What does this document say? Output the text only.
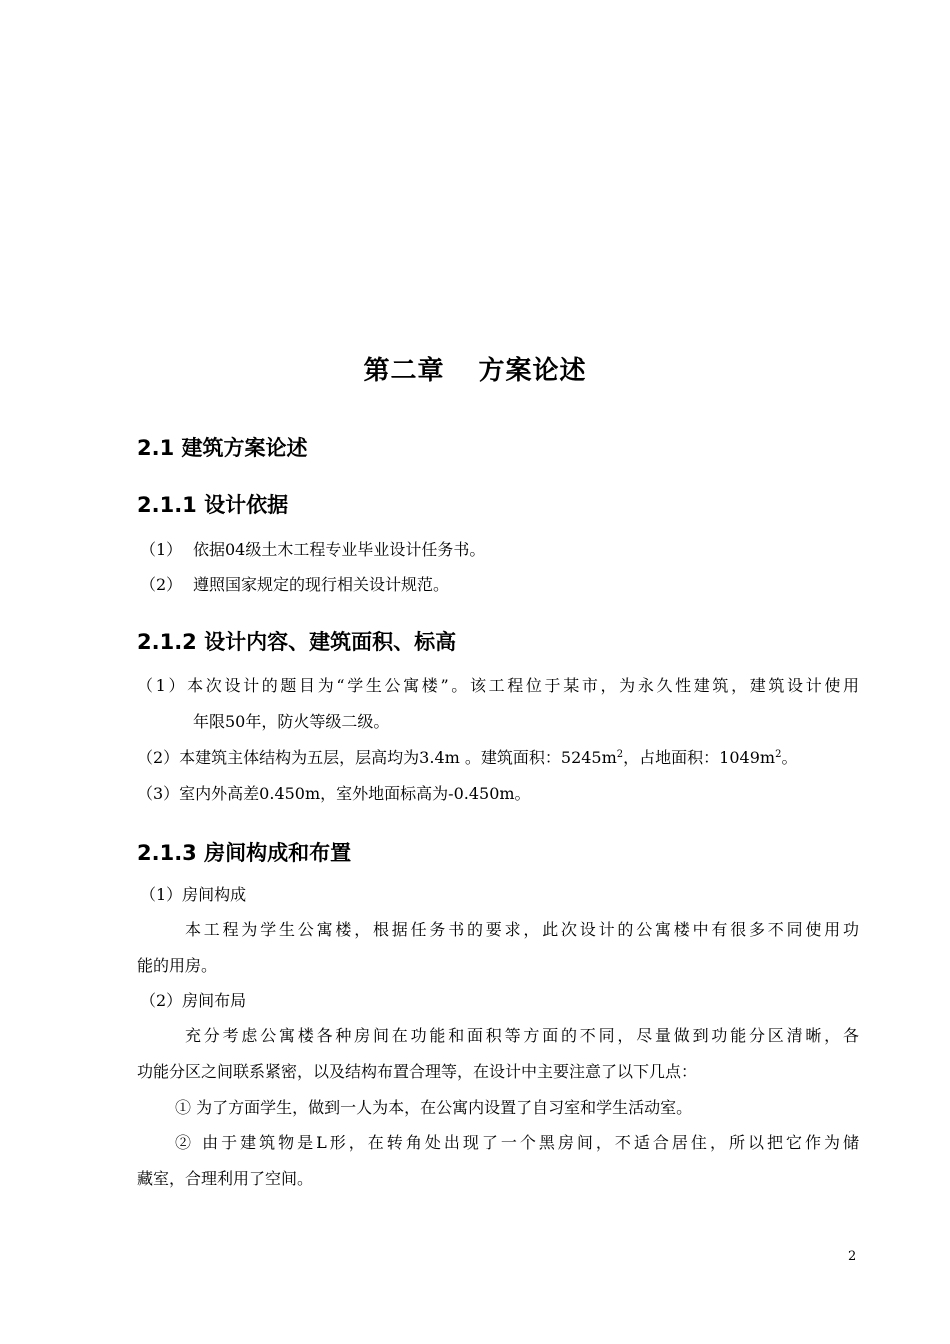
第二章 方案论述
2.1 建筑方案论述
2.1.1 设计依据
（1） 依据04级土木工程专业毕业设计任务书。
（2） 遵照国家规定的现行相关设计规范。
2.1.2 设计内容、建筑面积、标高
（1）本次设计的题目为“学生公寓楼”。该工程位于某市，为永久性建筑，建筑设计使用
年限50年，防火等级二级。
（2）本建筑主体结构为五层，层高均为3.4m 。建筑面积：$5245m^2$，占地面积：$1049m^2$。
（3）室内外高差0.450m，室外地面标高为-0.450m。
2.1.3 房间构成和布置
（1）房间构成
本工程为学生公寓楼，根据任务书的要求，此次设计的公寓楼中有很多不同使用功
能的用房。
（2）房间布局
充分考虑公寓楼各种房间在功能和面积等方面的不同，尽量做到功能分区清晰，各
功能分区之间联系紧密，以及结构布置合理等，在设计中主要注意了以下几点：
① 为了方面学生，做到一人为本，在公寓内设置了自习室和学生活动室。
② 由于建筑物是L形，在转角处出现了一个黑房间，不适合居住，所以把它作为储
藏室，合理利用了空间。
2
